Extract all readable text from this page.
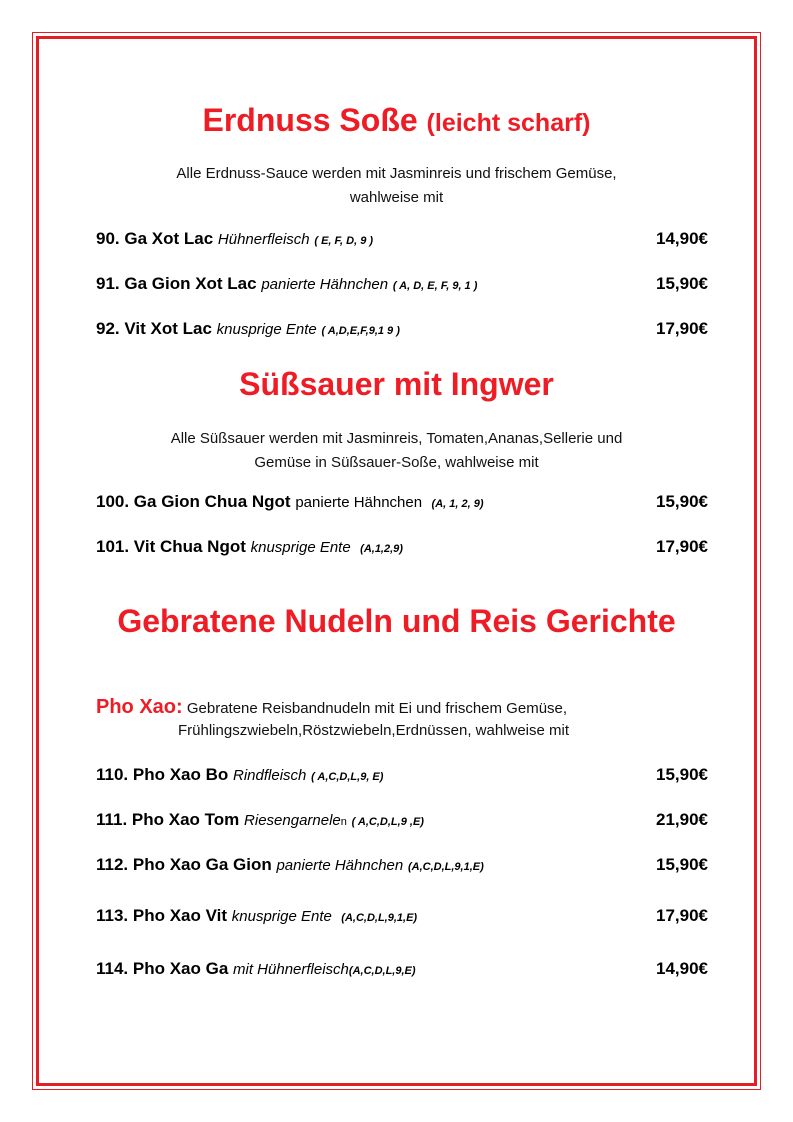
Erdnuss Soße (leicht scharf)
Alle Erdnuss-Sauce werden mit Jasminreis und frischem Gemüse,
wahlweise mit
90. Ga Xot Lac Hühnerfleisch ( E, F, D, 9 )	14,90€
91. Ga Gion Xot Lac panierte Hähnchen ( A, D, E, F, 9, 1 )	15,90€
92. Vit Xot Lac knusprige Ente ( A,D,E,F,9,1 9 )	17,90€
Süßsauer mit Ingwer
Alle Süßsauer werden mit Jasminreis, Tomaten,Ananas,Sellerie und
Gemüse in Süßsauer-Soße, wahlweise mit
100. Ga Gion Chua Ngot panierte Hähnchen (A, 1, 2, 9)	15,90€
101. Vit Chua Ngot knusprige Ente (A,1,2,9)	17,90€
Gebratene Nudeln und Reis Gerichte
Pho Xao: Gebratene Reisbandnudeln mit Ei und frischem Gemüse,
Frühlingszwiebeln,Röstzwiebeln,Erdnüssen, wahlweise mit
110. Pho Xao Bo Rindfleisch ( A,C,D,L,9, E)	15,90€
111. Pho Xao Tom Riesengarnelen ( A,C,D,L,9 ,E)	21,90€
112. Pho Xao Ga Gion panierte Hähnchen (A,C,D,L,9,1,E)	15,90€
113. Pho Xao Vit knusprige Ente (A,C,D,L,9,1,E)	17,90€
114. Pho Xao Ga mit Hühnerfleisch(A,C,D,L,9,E)	14,90€
